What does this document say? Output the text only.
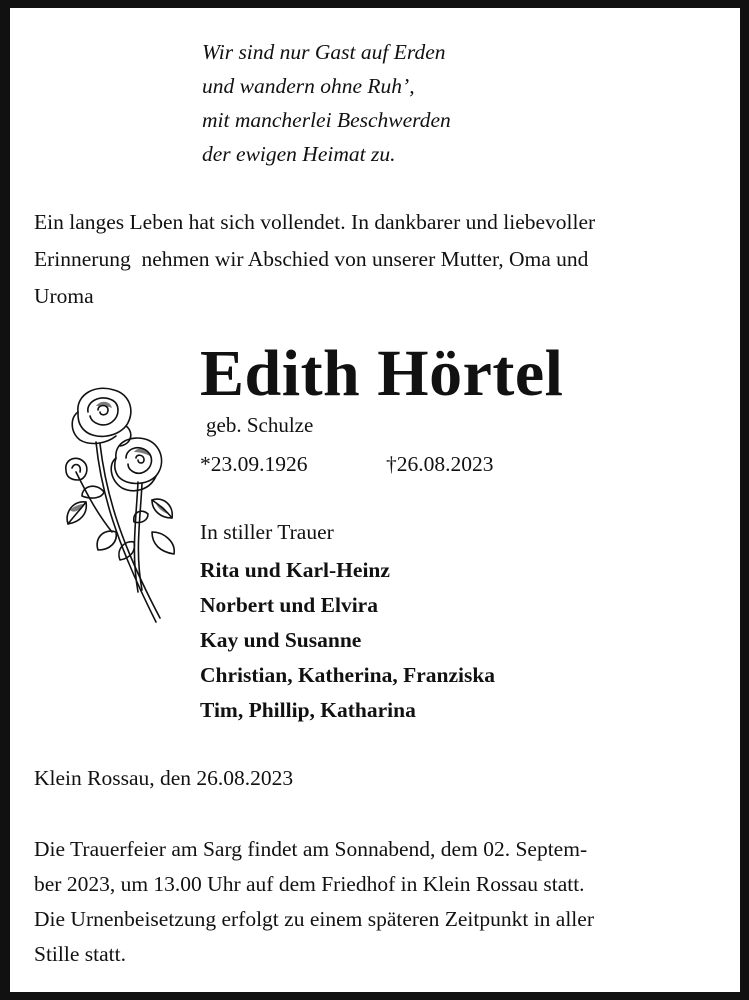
Wir sind nur Gast auf Erden
und wandern ohne Ruh’,
mit mancherlei Beschwerden
der ewigen Heimat zu.
Ein langes Leben hat sich vollendet. In dankbarer und liebevoller
Erinnerung  nehmen wir Abschied von unserer Mutter, Oma und
Uroma
Edith Hörtel
geb. Schulze
*23.09.1926	†26.08.2023
In stiller Trauer
Rita und Karl-Heinz
Norbert und Elvira
Kay und Susanne
Christian, Katherina, Franziska
Tim, Phillip, Katharina
Klein Rossau, den 26.08.2023
Die Trauerfeier am Sarg findet am Sonnabend, dem 02. Septem-
ber 2023, um 13.00 Uhr auf dem Friedhof in Klein Rossau statt.
Die Urnenbeisetzung erfolgt zu einem späteren Zeitpunkt in aller
Stille statt.
